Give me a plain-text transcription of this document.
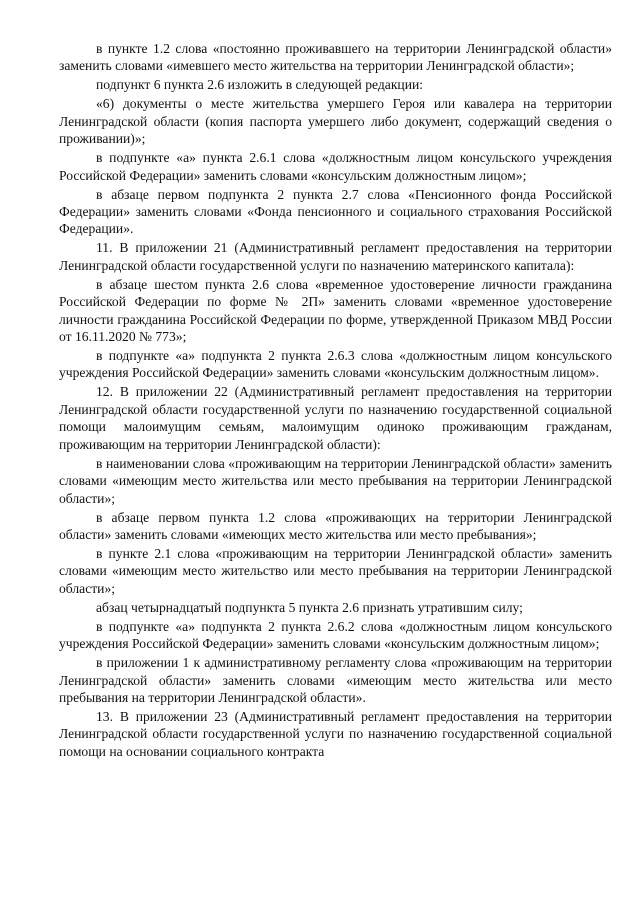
в пункте 1.2 слова «постоянно проживавшего на территории Ленинградской области» заменить словами «имевшего место жительства на территории Ленинградской области»;

подпункт 6 пункта 2.6 изложить в следующей редакции:

«6) документы о месте жительства умершего Героя или кавалера на территории Ленинградской области (копия паспорта умершего либо документ, содержащий сведения о проживании)»;

в подпункте «а» пункта 2.6.1 слова «должностным лицом консульского учреждения Российской Федерации» заменить словами «консульским должностным лицом»;

в абзаце первом подпункта 2 пункта 2.7 слова «Пенсионного фонда Российской Федерации» заменить словами «Фонда пенсионного и социального страхования Российской Федерации».

11. В приложении 21 (Административный регламент предоставления на территории Ленинградской области государственной услуги по назначению материнского капитала):

в абзаце шестом пункта 2.6 слова «временное удостоверение личности гражданина Российской Федерации по форме № 2П» заменить словами «временное удостоверение личности гражданина Российской Федерации по форме, утвержденной Приказом МВД России от 16.11.2020 № 773»;

в подпункте «а» подпункта 2 пункта 2.6.3 слова «должностным лицом консульского учреждения Российской Федерации» заменить словами «консульским должностным лицом».

12. В приложении 22 (Административный регламент предоставления на территории Ленинградской области государственной услуги по назначению государственной социальной помощи малоимущим семьям, малоимущим одиноко проживающим гражданам, проживающим на территории Ленинградской области):

в наименовании слова «проживающим на территории Ленинградской области» заменить словами «имеющим место жительства или место пребывания на территории Ленинградской области»;

в абзаце первом пункта 1.2 слова «проживающих на территории Ленинградской области» заменить словами «имеющих место жительства или место пребывания»;

в пункте 2.1 слова «проживающим на территории Ленинградской области» заменить словами «имеющим место жительство или место пребывания на территории Ленинградской области»;

абзац четырнадцатый подпункта 5 пункта 2.6 признать утратившим силу;

в подпункте «а» подпункта 2 пункта 2.6.2 слова «должностным лицом консульского учреждения Российской Федерации» заменить словами «консульским должностным лицом»;

в приложении 1 к административному регламенту слова «проживающим на территории Ленинградской области» заменить словами «имеющим место жительства или место пребывания на территории Ленинградской области».

13. В приложении 23 (Административный регламент предоставления на территории Ленинградской области государственной услуги по назначению государственной социальной помощи на основании социального контракта
